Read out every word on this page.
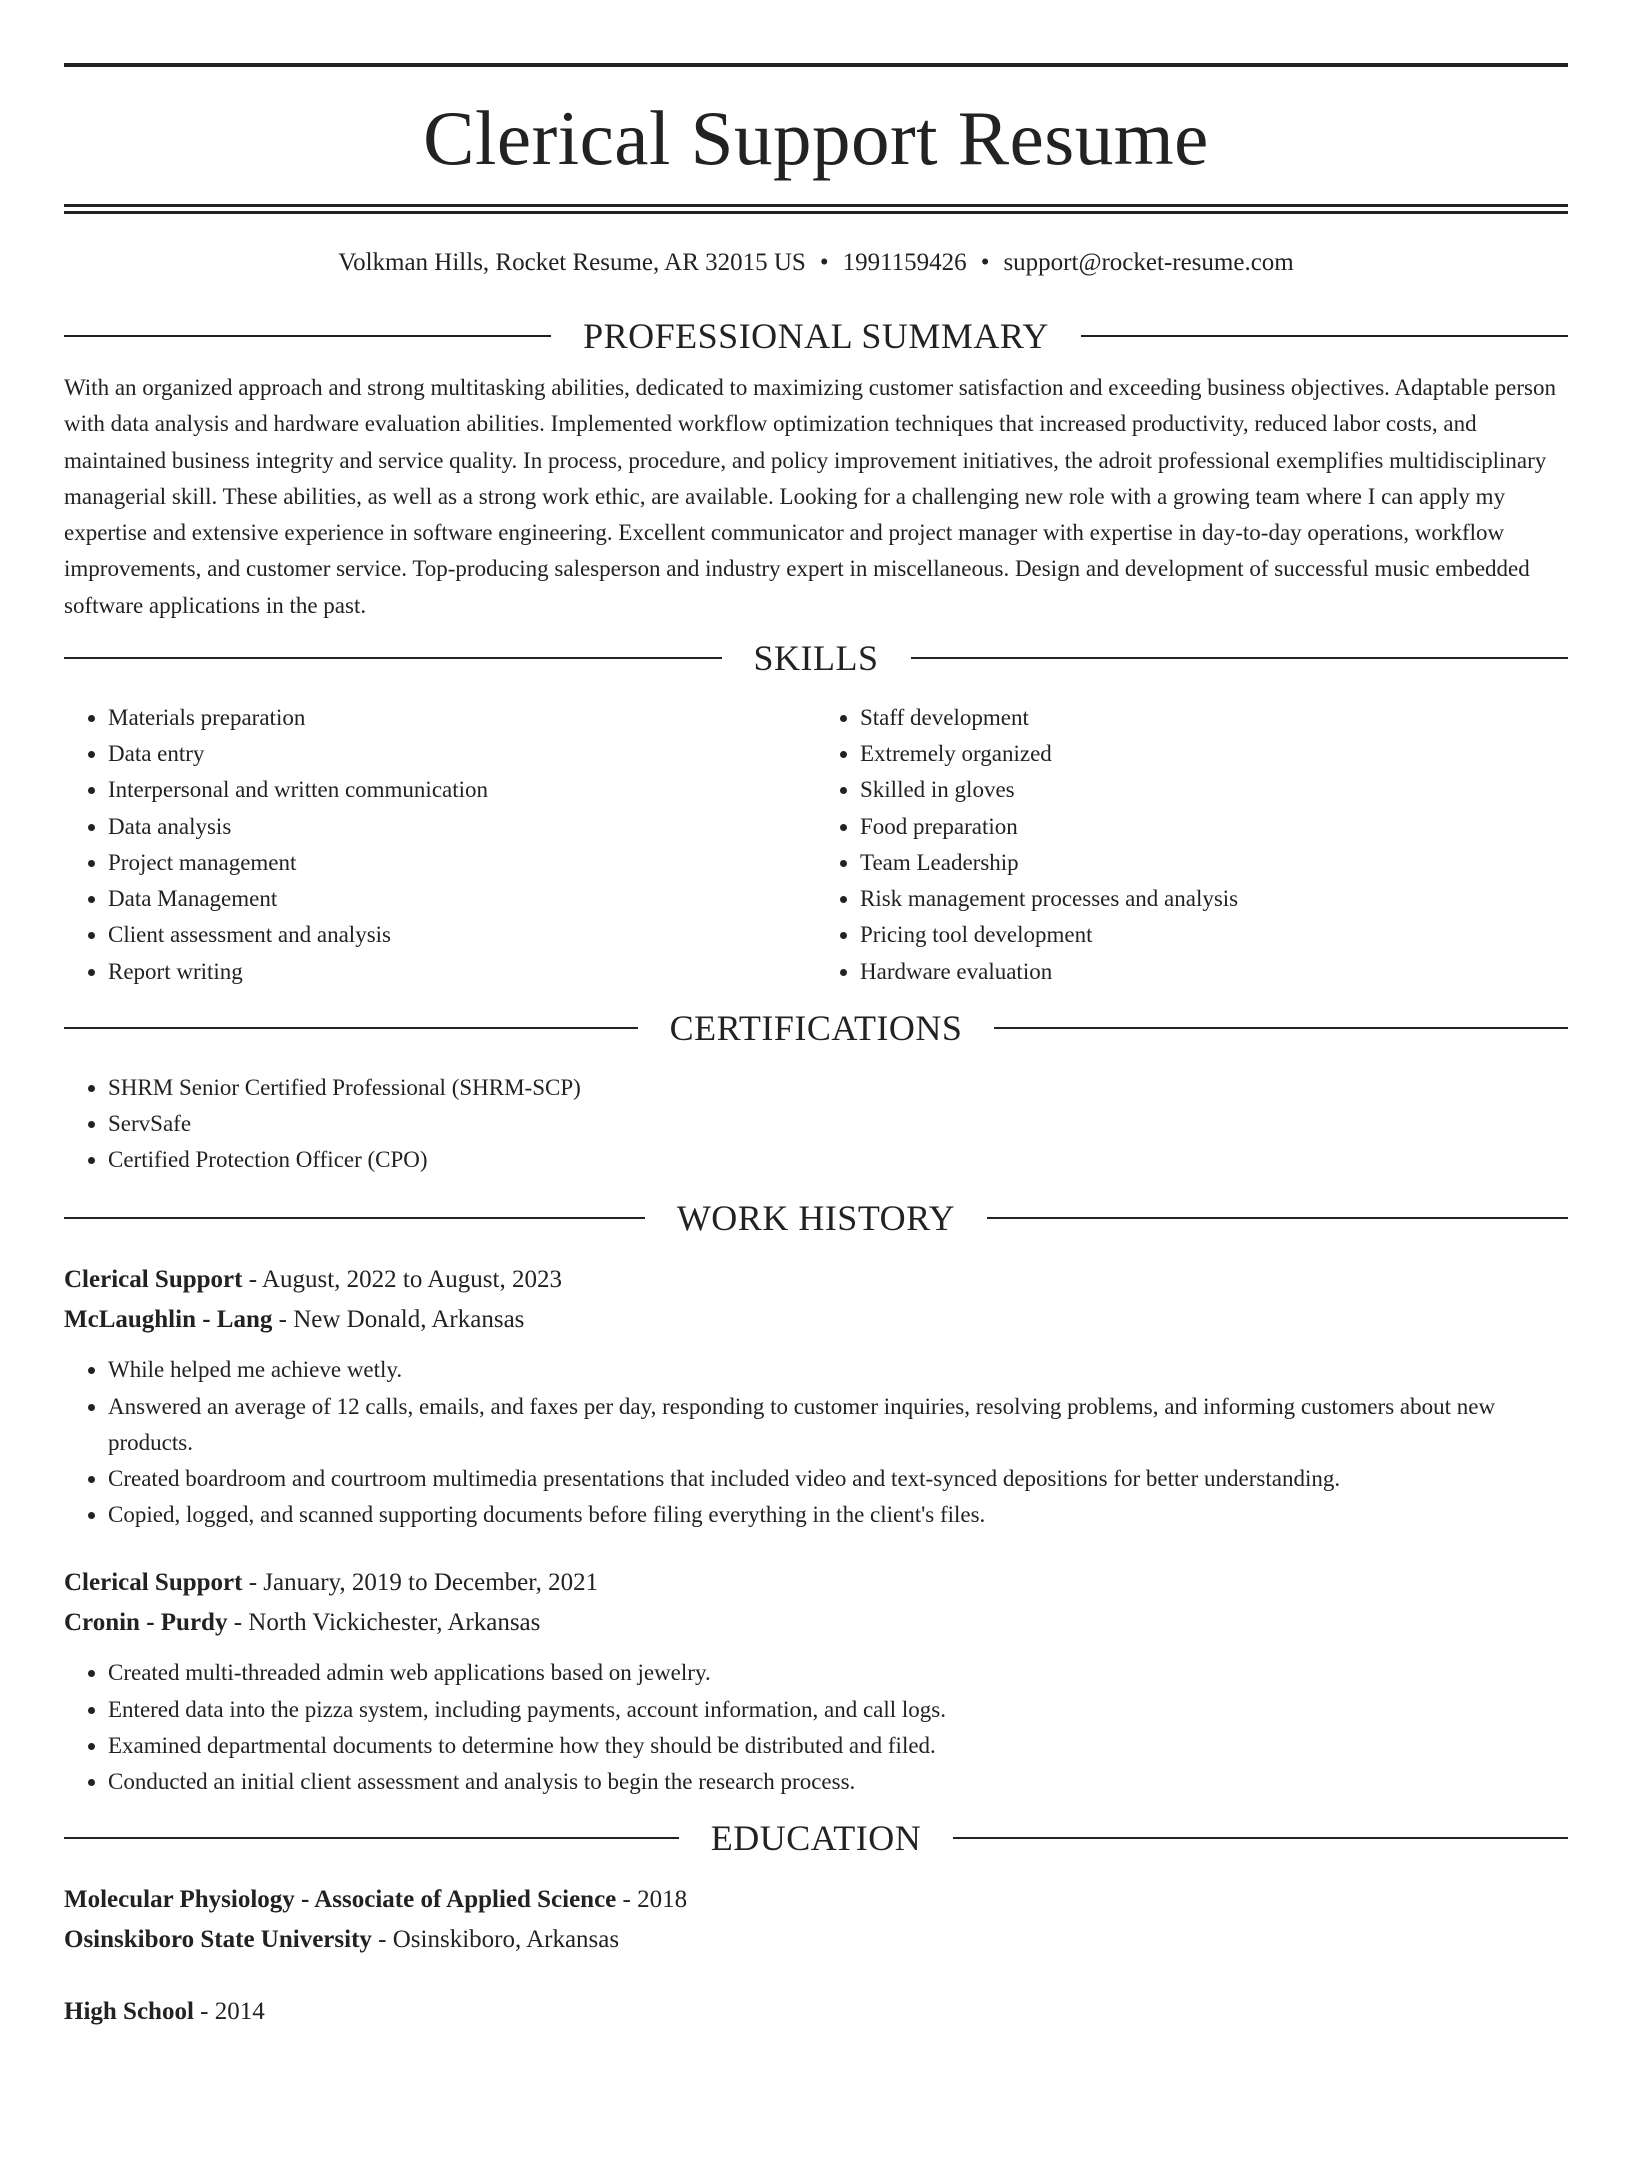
Clerical Support Resume
Volkman Hills, Rocket Resume, AR 32015 US • 1991159426 • support@rocket-resume.com
PROFESSIONAL SUMMARY

With an organized approach and strong multitasking abilities, dedicated to maximizing customer satisfaction and exceeding business objectives. Adaptable person with data analysis and hardware evaluation abilities. Implemented workflow optimization techniques that increased productivity, reduced labor costs, and maintained business integrity and service quality. In process, procedure, and policy improvement initiatives, the adroit professional exemplifies multidisciplinary managerial skill. These abilities, as well as a strong work ethic, are available. Looking for a challenging new role with a growing team where I can apply my expertise and extensive experience in software engineering. Excellent communicator and project manager with expertise in day-to-day operations, workflow improvements, and customer service. Top-producing salesperson and industry expert in miscellaneous. Design and development of successful music embedded software applications in the past.

SKILLS
• Materials preparation
• Data entry
• Interpersonal and written communication
• Data analysis
• Project management
• Data Management
• Client assessment and analysis
• Report writing
• Staff development
• Extremely organized
• Skilled in gloves
• Food preparation
• Team Leadership
• Risk management processes and analysis
• Pricing tool development
• Hardware evaluation
CERTIFICATIONS
• SHRM Senior Certified Professional (SHRM-SCP)
• ServSafe
• Certified Protection Officer (CPO)
WORK HISTORY
Clerical Support - August, 2022 to August, 2023
McLaughlin - Lang - New Donald, Arkansas
• While helped me achieve wetly.
• Answered an average of 12 calls, emails, and faxes per day, responding to customer inquiries, resolving problems, and informing customers about new products.
• Created boardroom and courtroom multimedia presentations that included video and text-synced depositions for better understanding.
• Copied, logged, and scanned supporting documents before filing everything in the client's files.
Clerical Support - January, 2019 to December, 2021
Cronin - Purdy - North Vickichester, Arkansas
• Created multi-threaded admin web applications based on jewelry.
• Entered data into the pizza system, including payments, account information, and call logs.
• Examined departmental documents to determine how they should be distributed and filed.
• Conducted an initial client assessment and analysis to begin the research process.
EDUCATION
Molecular Physiology - Associate of Applied Science - 2018
Osinskiboro State University - Osinskiboro, Arkansas
High School - 2014
